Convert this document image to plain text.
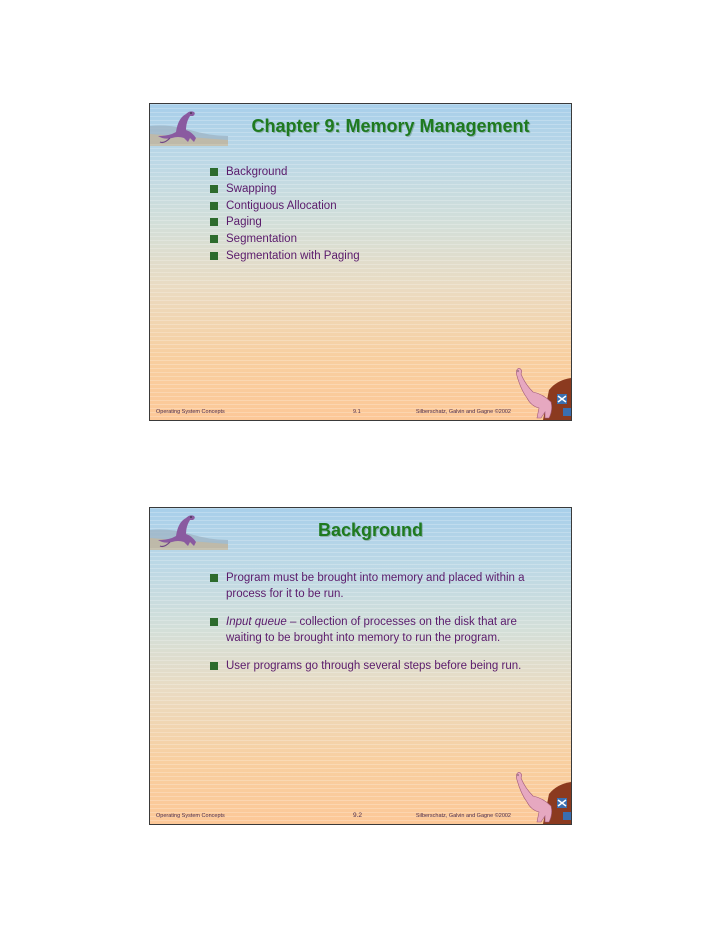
Chapter 9: Memory Management
Background
Swapping
Contiguous Allocation
Paging
Segmentation
Segmentation with Paging
Operating System Concepts	9.1	Silberschatz, Galvin and Gagne ©2002
Background
Program must be brought into memory and placed within a process for it to be run.
Input queue – collection of processes on the disk that are waiting to be brought into memory to run the program.
User programs go through several steps before being run.
Operating System Concepts	9.2	Silberschatz, Galvin and Gagne ©2002
